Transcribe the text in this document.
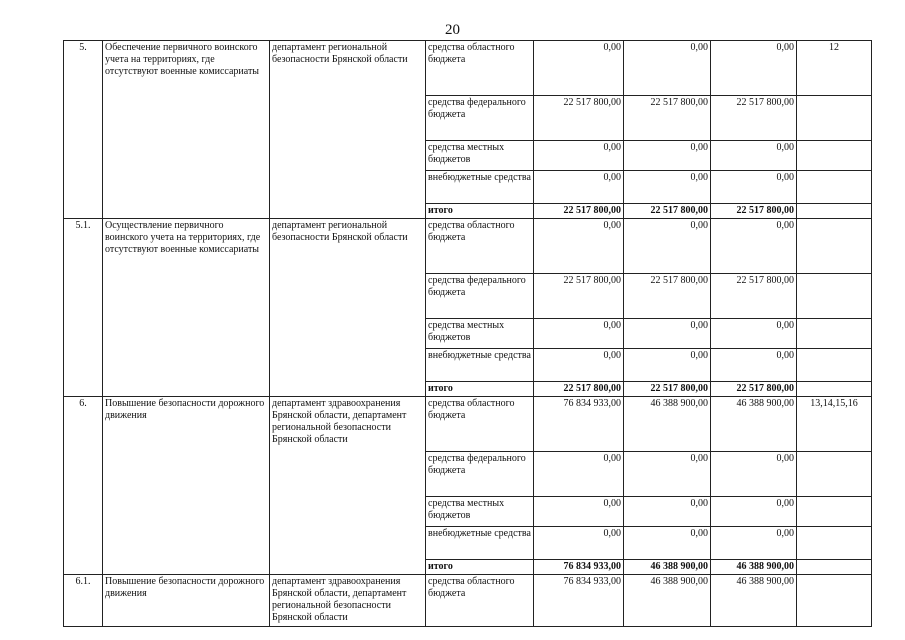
20
5.	Обеспечение первичного воинского учета на территориях, где отсутствуют военные комиссариаты	департамент региональной безопасности Брянской области	средства областного бюджета	0,00	0,00	0,00	12
			средства федерального бюджета	22 517 800,00	22 517 800,00	22 517 800,00	
			средства местных бюджетов	0,00	0,00	0,00	
			внебюджетные средства	0,00	0,00	0,00	
			итого	22 517 800,00	22 517 800,00	22 517 800,00	
5.1.	Осуществление первичного воинского учета на территориях, где отсутствуют военные комиссариаты	департамент региональной безопасности Брянской области	средства областного бюджета	0,00	0,00	0,00	
			средства федерального бюджета	22 517 800,00	22 517 800,00	22 517 800,00	
			средства местных бюджетов	0,00	0,00	0,00	
			внебюджетные средства	0,00	0,00	0,00	
			итого	22 517 800,00	22 517 800,00	22 517 800,00	
6.	Повышение безопасности дорожного движения	департамент здравоохранения Брянской области, департамент региональной безопасности Брянской области	средства областного бюджета	76 834 933,00	46 388 900,00	46 388 900,00	13,14,15,16
			средства федерального бюджета	0,00	0,00	0,00	
			средства местных бюджетов	0,00	0,00	0,00	
			внебюджетные средства	0,00	0,00	0,00	
			итого	76 834 933,00	46 388 900,00	46 388 900,00	
6.1.	Повышение безопасности дорожного движения	департамент здравоохранения Брянской области, департамент региональной безопасности Брянской области	средства областного бюджета	76 834 933,00	46 388 900,00	46 388 900,00	
